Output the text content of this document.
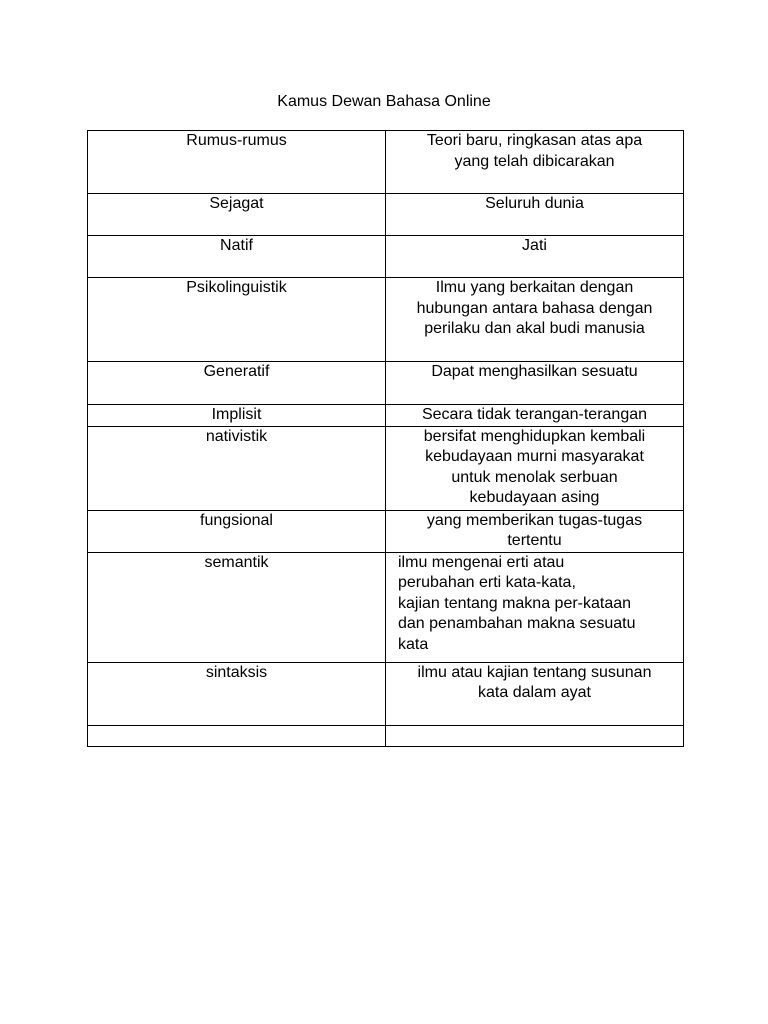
Kamus Dewan Bahasa Online
Rumus-rumus	Teori baru, ringkasan atas apa
yang telah dibicarakan

Sejagat	Seluruh dunia

Natif	Jati

Psikolinguistik	Ilmu yang berkaitan dengan
hubungan antara bahasa dengan
perilaku dan akal budi manusia

Generatif	Dapat menghasilkan sesuatu

Implisit	Secara tidak terangan-terangan

nativistik	bersifat menghidupkan kembali
kebudayaan murni masyarakat
untuk menolak serbuan
kebudayaan asing

fungsional	yang memberikan tugas-tugas
tertentu

semantik	ilmu mengenai erti atau
perubahan erti kata-kata,
kajian tentang makna per-kataan
dan penambahan makna sesuatu
kata

sintaksis	ilmu atau kajian tentang susunan
kata dalam ayat
